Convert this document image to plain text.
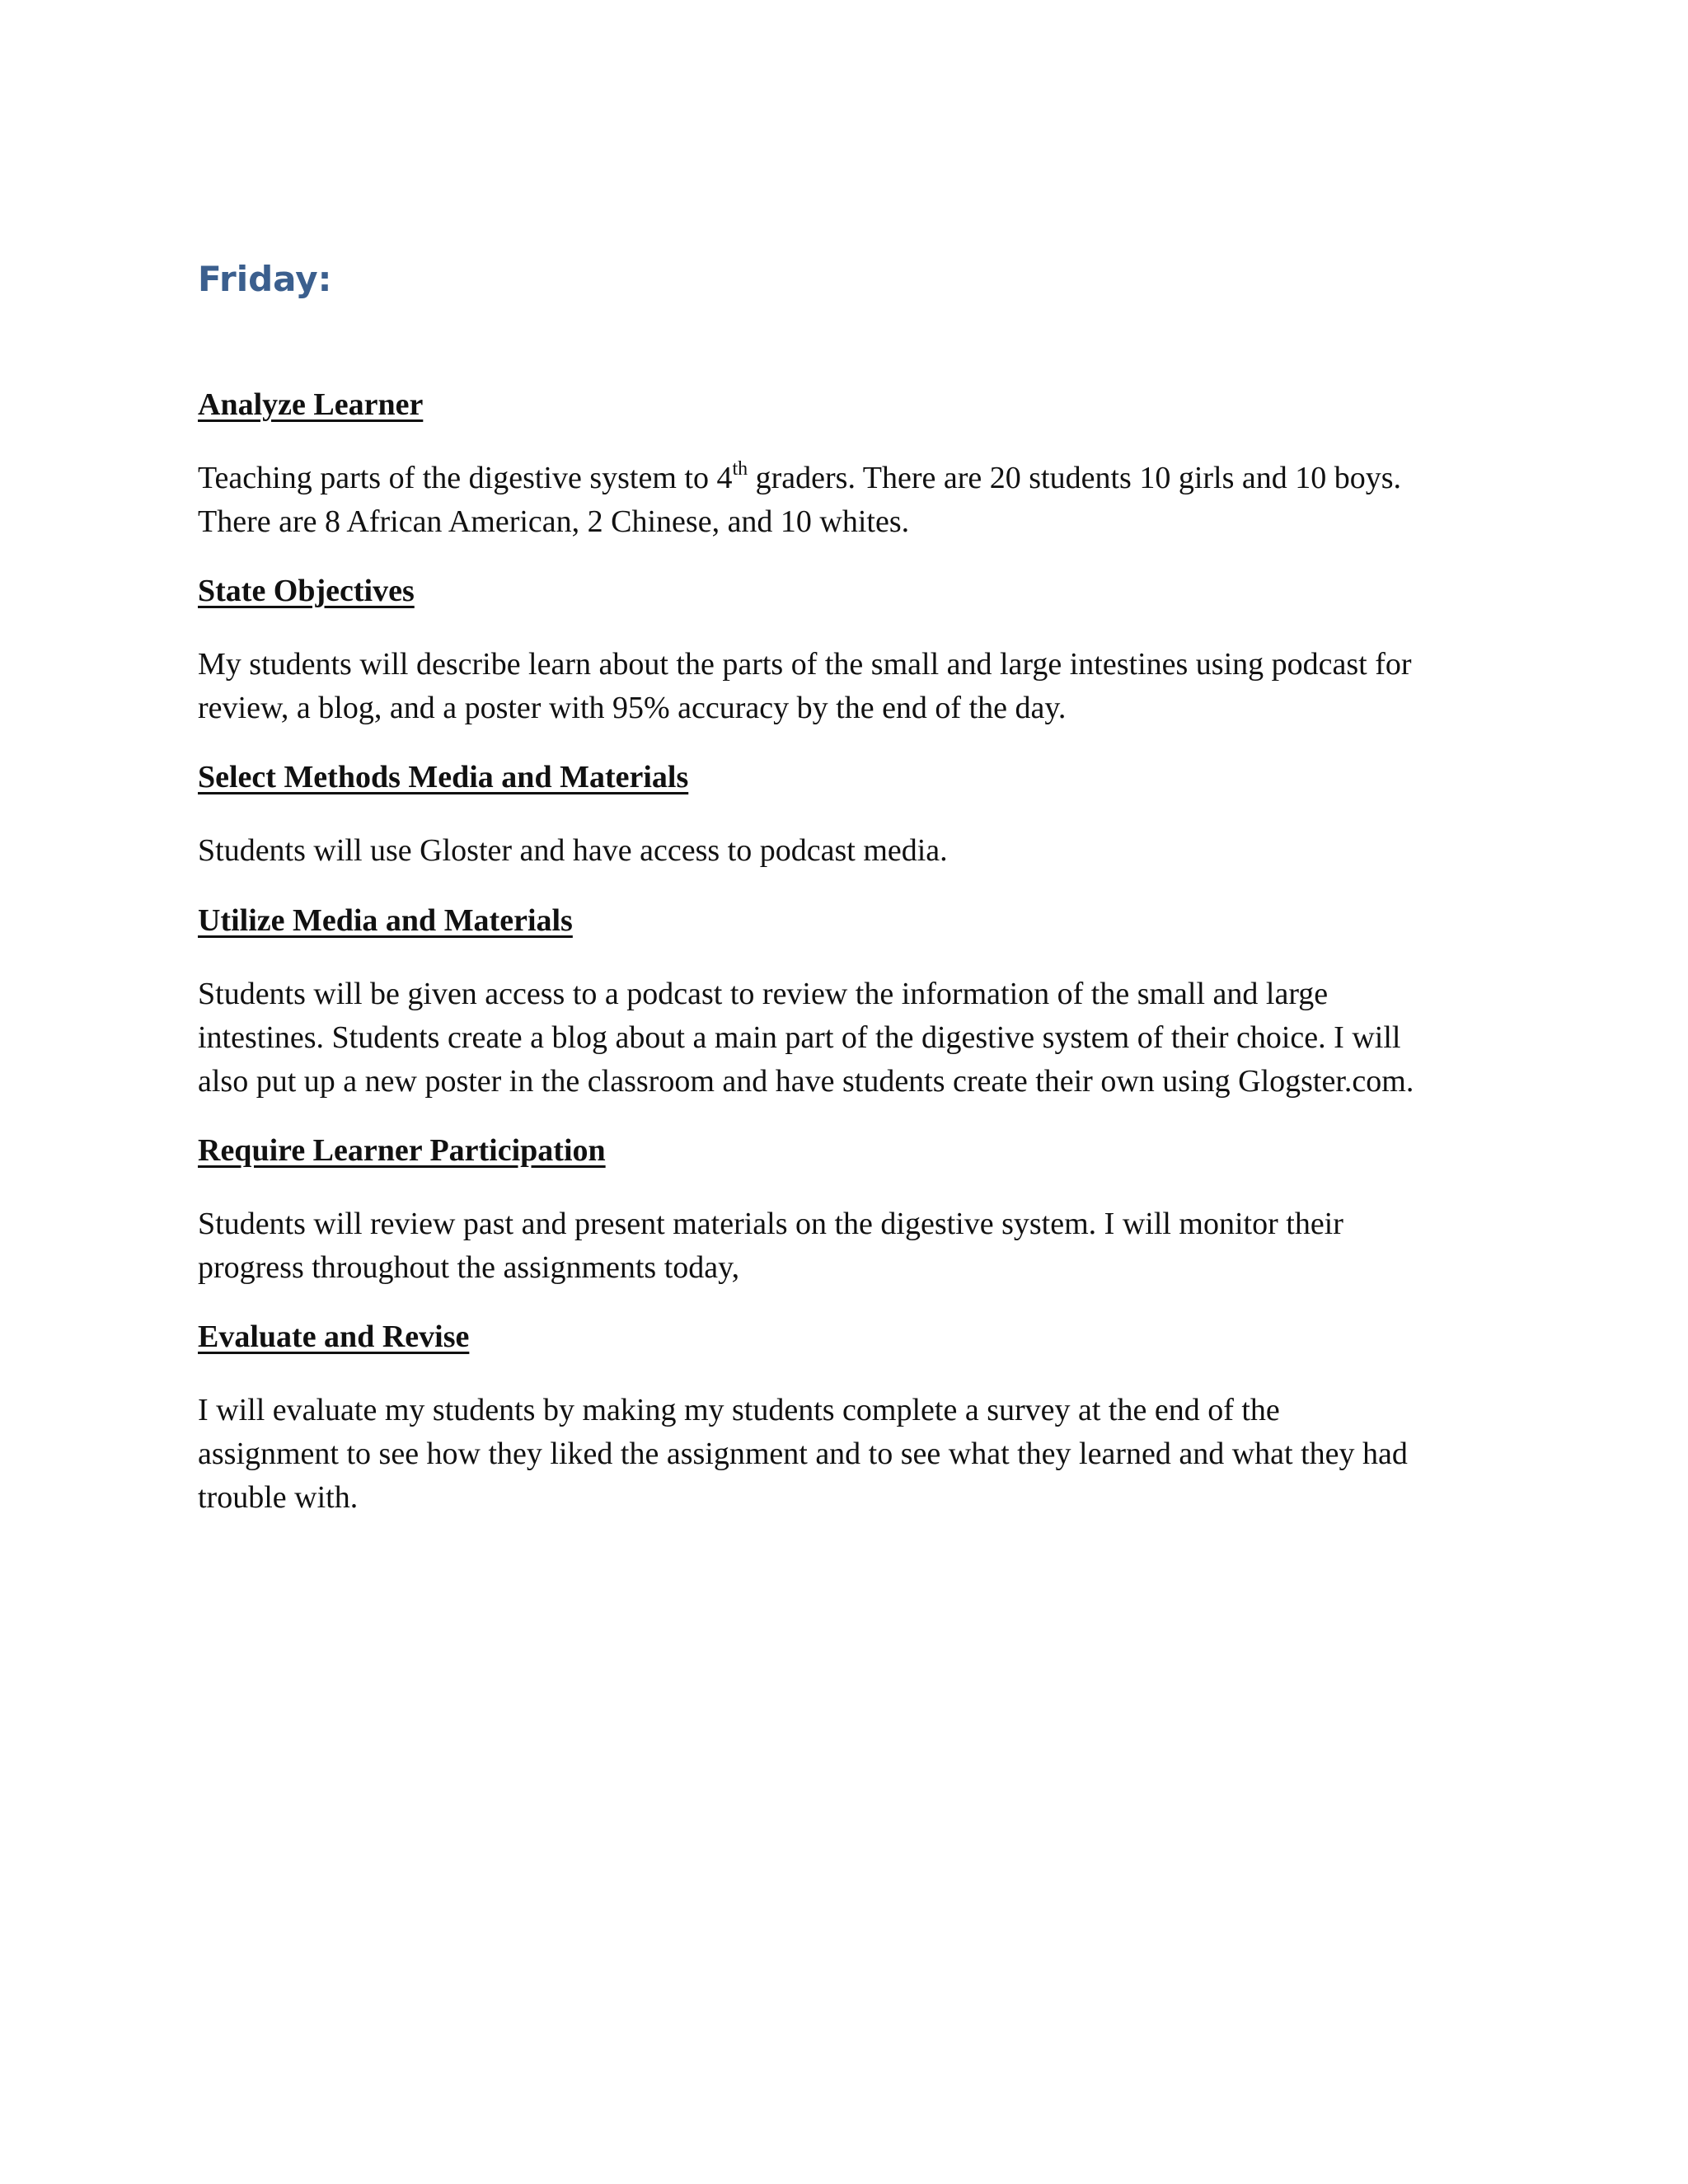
Friday:
Analyze Learner

Teaching parts of the digestive system to 4th graders. There are 20 students 10 girls and 10 boys.
There are 8 African American, 2 Chinese, and 10 whites.

State Objectives

My students will describe learn about the parts of the small and large intestines using podcast for
review, a blog, and a poster with 95% accuracy by the end of the day.

Select Methods Media and Materials

Students will use Gloster and have access to podcast media.

Utilize Media and Materials

Students will be given access to a podcast to review the information of the small and large
intestines. Students create a blog about a main part of the digestive system of their choice. I will
also put up a new poster in the classroom and have students create their own using Glogster.com.

Require Learner Participation

Students will review past and present materials on the digestive system. I will monitor their
progress throughout the assignments today,

Evaluate and Revise

I will evaluate my students by making my students complete a survey at the end of the
assignment to see how they liked the assignment and to see what they learned and what they had
trouble with.
